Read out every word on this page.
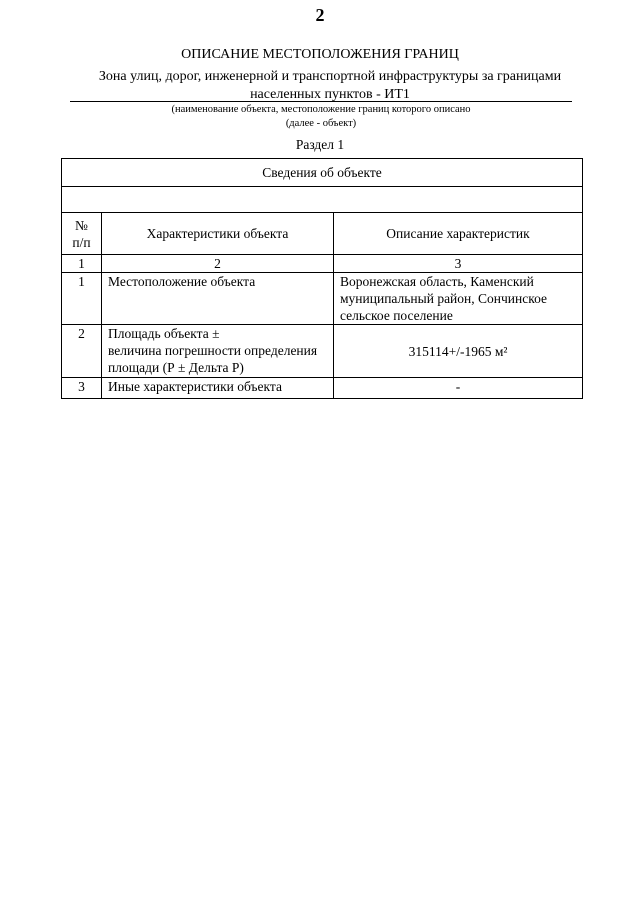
2
ОПИСАНИЕ МЕСТОПОЛОЖЕНИЯ ГРАНИЦ
Зона улиц, дорог, инженерной и транспортной инфраструктуры за границами
населенных пунктов - ИТ1
(наименование объекта, местоположение границ которого описано
(далее - объект)
Раздел 1
Сведения об объекте		

№
п/п	Характеристики объекта	Описание характеристик
1	2	3
1	Местоположение объекта	Воронежская область, Каменский
муниципальный район, Сончинское
сельское поселение

2	Площадь объекта ±
величина погрешности определения
площади (Р ± Дельта Р)	315114+/-1965 м²

3	Иные характеристики объекта	-
